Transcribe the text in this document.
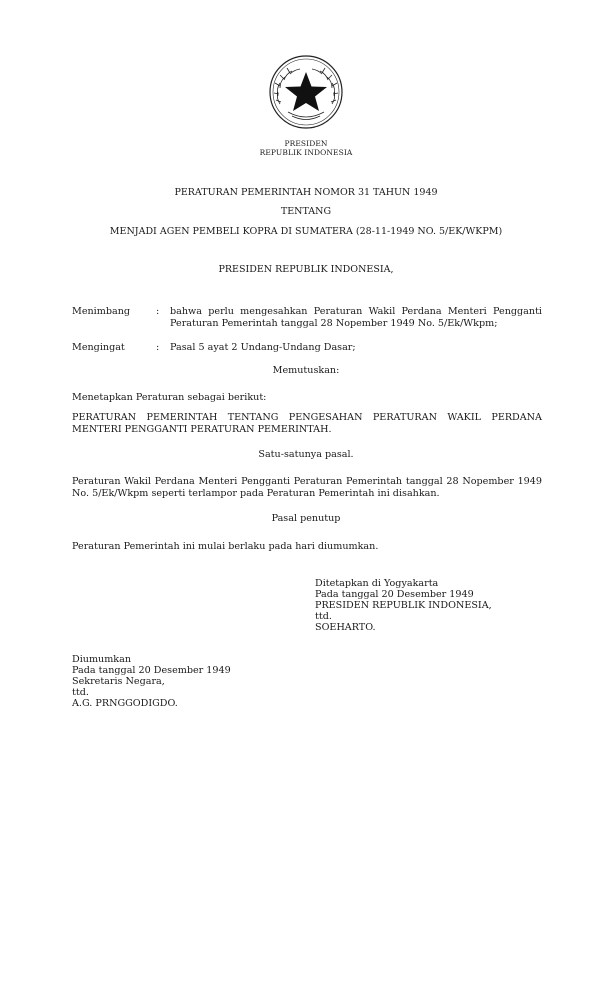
PRESIDEN
REPUBLIK INDONESIA
PERATURAN PEMERINTAH NOMOR 31 TAHUN 1949
TENTANG
MENJADI AGEN PEMBELI KOPRA DI SUMATERA (28-11-1949 NO. 5/EK/WKPM)
PRESIDEN REPUBLIK INDONESIA,
Menimbang	: bahwa perlu mengesahkan Peraturan Wakil Perdana Menteri Pengganti Peraturan Pemerintah tanggal 28 Nopember 1949 No. 5/Ek/Wkpm;
Mengingat	: Pasal 5 ayat 2 Undang-Undang Dasar;
Memutuskan:
Menetapkan Peraturan sebagai berikut:
PERATURAN PEMERINTAH TENTANG PENGESAHAN PERATURAN WAKIL PERDANA MENTERI PENGGANTI PERATURAN PEMERINTAH.
Satu-satunya pasal.
Peraturan Wakil Perdana Menteri Pengganti Peraturan Pemerintah tanggal 28 Nopember 1949 No. 5/Ek/Wkpm seperti terlampor pada Peraturan Pemerintah ini disahkan.
Pasal penutup
Peraturan Pemerintah ini mulai berlaku pada hari diumumkan.
Ditetapkan di Yogyakarta
Pada tanggal 20 Desember 1949
PRESIDEN REPUBLIK INDONESIA,
ttd.
SOEHARTO.
Diumumkan
Pada tanggal 20 Desember 1949
Sekretaris Negara,
ttd.
A.G. PRNGGODIGDO.
